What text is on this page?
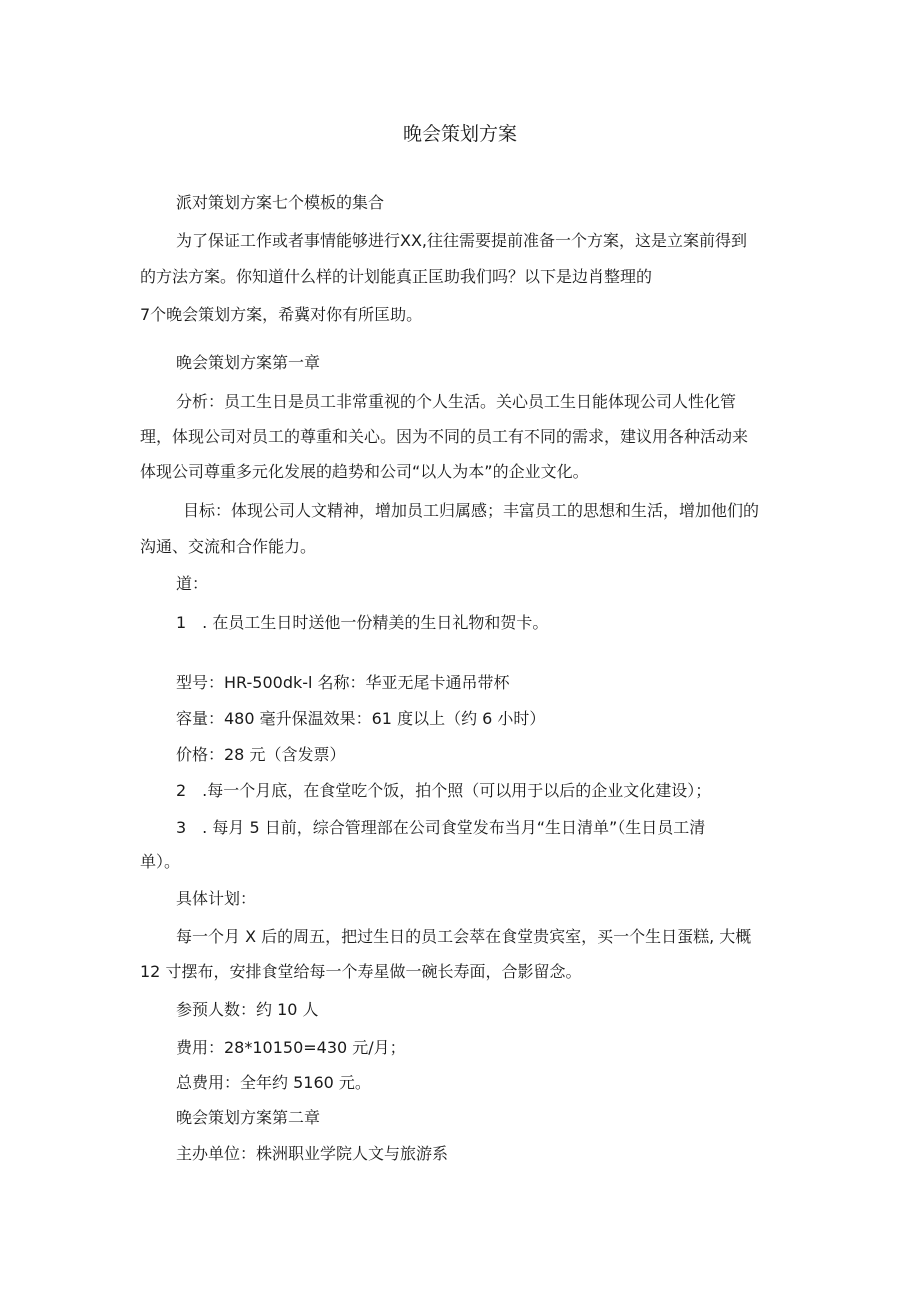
晚会策划方案
派对策划方案七个模板的集合
为了保证工作或者事情能够进行XX,往往需要提前准备一个方案，这是立案前得到
的方法方案。你知道什么样的计划能真正匡助我们吗？以下是边肖整理的
7个晚会策划方案，希冀对你有所匡助。
晚会策划方案第一章
分析：员工生日是员工非常重视的个人生活。关心员工生日能体现公司人性化管
理，体现公司对员工的尊重和关心。因为不同的员工有不同的需求，建议用各种活动来
体现公司尊重多元化发展的趋势和公司“以人为本”的企业文化。
目标：体现公司人文精神，增加员工归属感；丰富员工的思想和生活，增加他们的
沟通、交流和合作能力。
道：
1　. 在员工生日时送他一份精美的生日礼物和贺卡。
型号：HR-500dk-l 名称：华亚无尾卡通吊带杯
容量：480 毫升保温效果：61 度以上（约 6 小时）
价格：28 元（含发票）
2　.每一个月底，在食堂吃个饭，拍个照（可以用于以后的企业文化建设）；
3　. 每月 5 日前，综合管理部在公司食堂发布当月“生日清单”（生日员工清
单）。
具体计划：
每一个月 X 后的周五，把过生日的员工会萃在食堂贵宾室，买一个生日蛋糕, 大概
12 寸摆布，安排食堂给每一个寿星做一碗长寿面，合影留念。
参预人数：约 10 人
费用：28*10150=430 元/月；
总费用：全年约 5160 元。
晚会策划方案第二章
主办单位：株洲职业学院人文与旅游系
